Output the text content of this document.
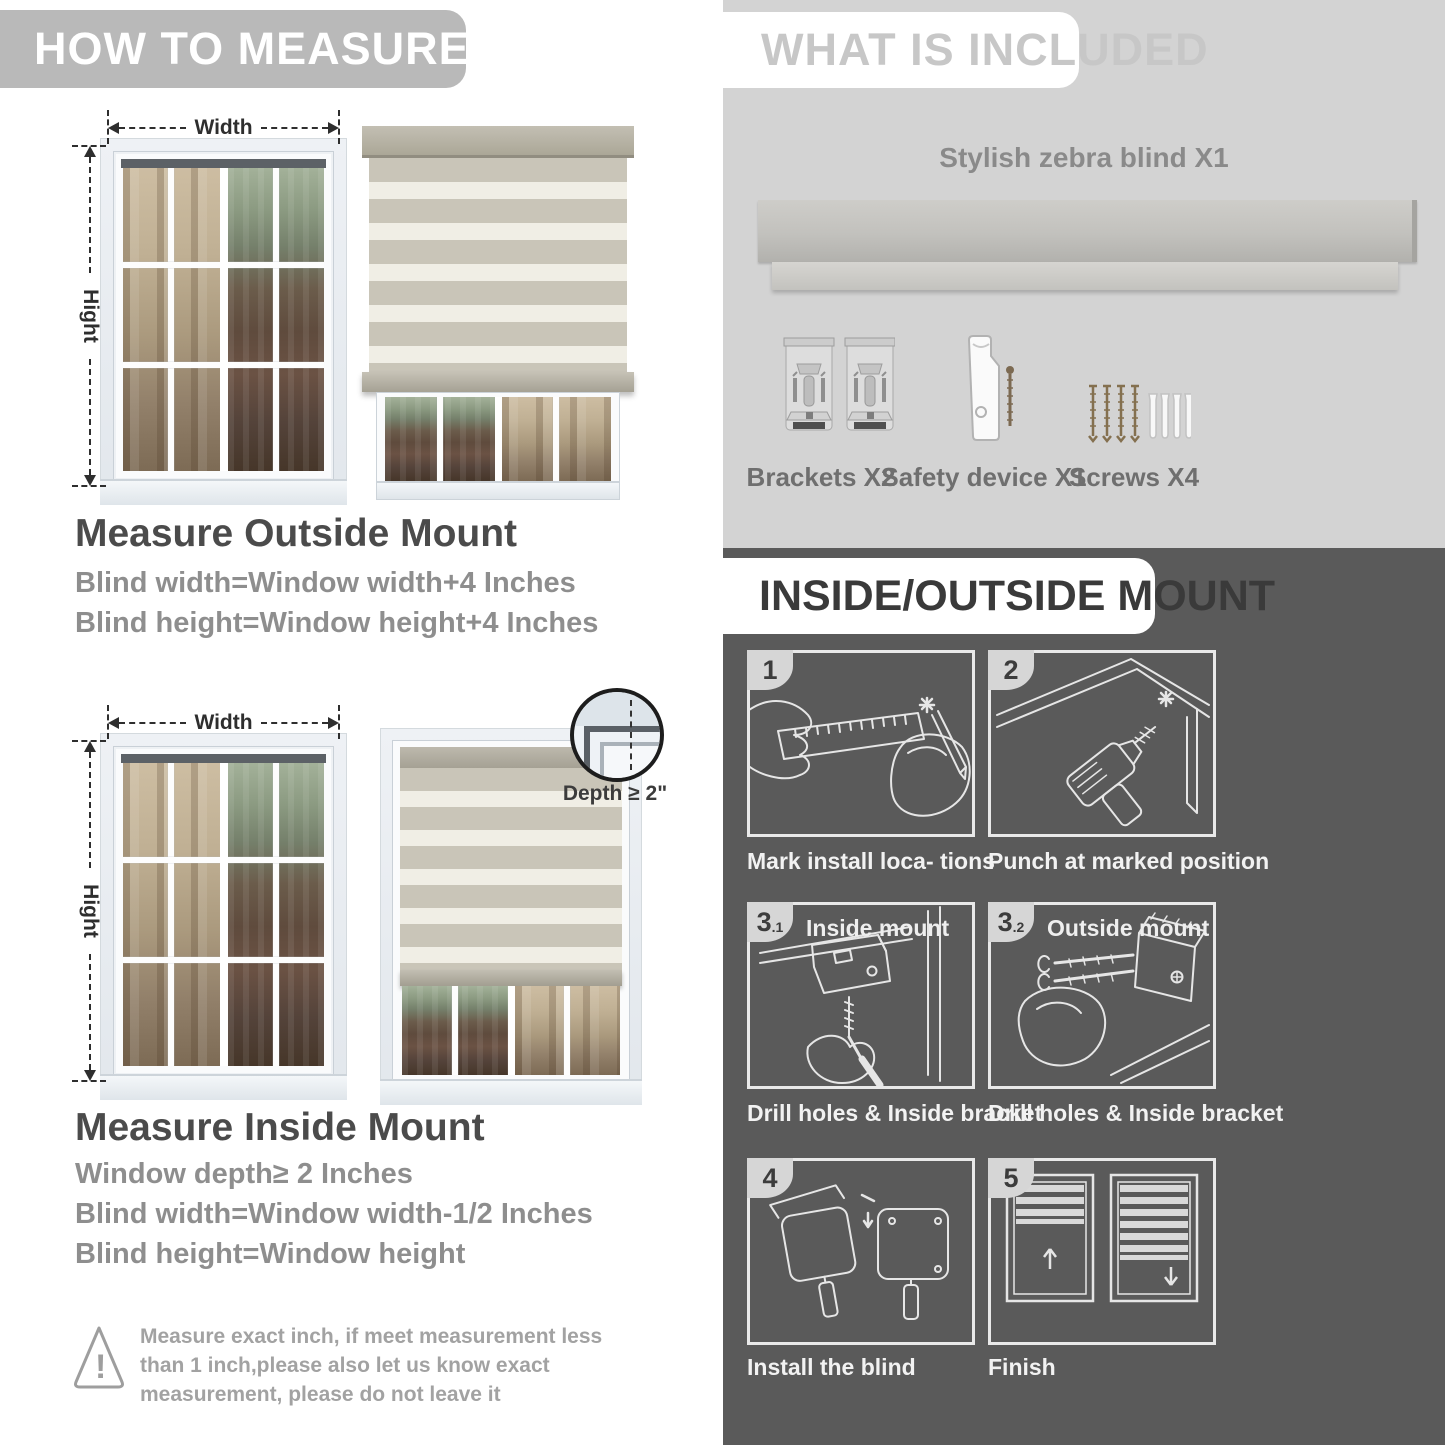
HOW TO MEASURE
Width
Hight
Measure Outside Mount
Blind width=Window width+4 Inches
Blind height=Window height+4 Inches
Width
Hight
Depth ≥ 2"
Measure Inside Mount
Window depth≥ 2 Inches
Blind width=Window width-1/2 Inches
Blind height=Window height
!
Measure exact inch, if meet measurement less
than 1 inch,please also let us know exact
measurement, please do not leave it
WHAT IS INCLUDED
Stylish zebra blind X1
Brackets X2
Safety device X1
Screws X4
INSIDE/OUTSIDE MOUNT
1
Mark install loca- tions
2
Punch at marked position
3 .1 Inside mount
Drill holes & Inside bracket
3 .2 Outside mount
Drill holes & Inside bracket
4
Install the blind
5
Finish
